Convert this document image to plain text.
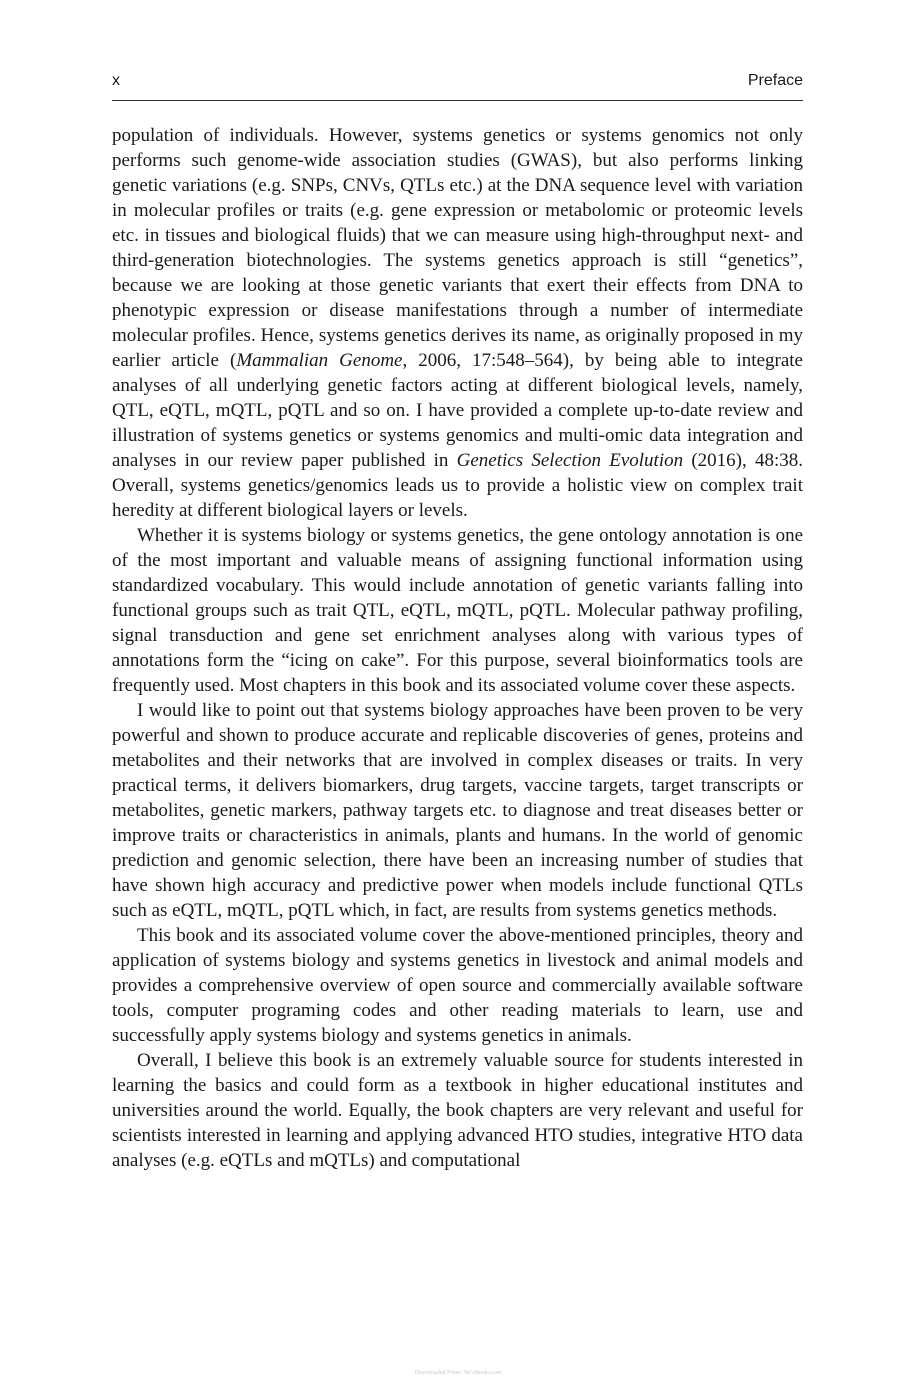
x	Preface

population of individuals. However, systems genetics or systems genomics not only performs such genome-wide association studies (GWAS), but also performs linking genetic variations (e.g. SNPs, CNVs, QTLs etc.) at the DNA sequence level with variation in molecular profiles or traits (e.g. gene expression or metabolomic or proteomic levels etc. in tissues and biological fluids) that we can measure using high-throughput next- and third-generation biotechnologies. The systems genetics approach is still “genetics”, because we are looking at those genetic variants that exert their effects from DNA to phenotypic expression or disease manifestations through a number of intermediate molecular profiles. Hence, systems genetics derives its name, as originally proposed in my earlier article (Mammalian Genome, 2006, 17:548–564), by being able to integrate analyses of all underlying genetic factors acting at different biological levels, namely, QTL, eQTL, mQTL, pQTL and so on. I have provided a complete up-to-date review and illustration of systems genetics or systems genomics and multi-omic data integration and analyses in our review paper published in Genetics Selection Evolution (2016), 48:38. Overall, systems genetics/genomics leads us to provide a holistic view on complex trait heredity at different biological layers or levels.

Whether it is systems biology or systems genetics, the gene ontology annotation is one of the most important and valuable means of assigning functional information using standardized vocabulary. This would include annotation of genetic variants falling into functional groups such as trait QTL, eQTL, mQTL, pQTL. Molecular pathway profiling, signal transduction and gene set enrichment analyses along with various types of annotations form the “icing on cake”. For this purpose, several bioinformatics tools are frequently used. Most chapters in this book and its associated volume cover these aspects.

I would like to point out that systems biology approaches have been proven to be very powerful and shown to produce accurate and replicable discoveries of genes, proteins and metabolites and their networks that are involved in complex diseases or traits. In very practical terms, it delivers biomarkers, drug targets, vaccine targets, target transcripts or metabolites, genetic markers, pathway targets etc. to diagnose and treat diseases better or improve traits or characteristics in animals, plants and humans. In the world of genomic prediction and genomic selection, there have been an increasing number of studies that have shown high accuracy and predictive power when models include functional QTLs such as eQTL, mQTL, pQTL which, in fact, are results from systems genetics methods.

This book and its associated volume cover the above-mentioned principles, theory and application of systems biology and systems genetics in livestock and animal models and provides a comprehensive overview of open source and commercially available software tools, computer programing codes and other reading materials to learn, use and successfully apply systems biology and systems genetics in animals.

Overall, I believe this book is an extremely valuable source for students interested in learning the basics and could form as a textbook in higher educational institutes and universities around the world. Equally, the book chapters are very relevant and useful for scientists interested in learning and applying advanced HTO studies, integrative HTO data analyses (e.g. eQTLs and mQTLs) and computational

Downloaded From: Vet eBooks.com
